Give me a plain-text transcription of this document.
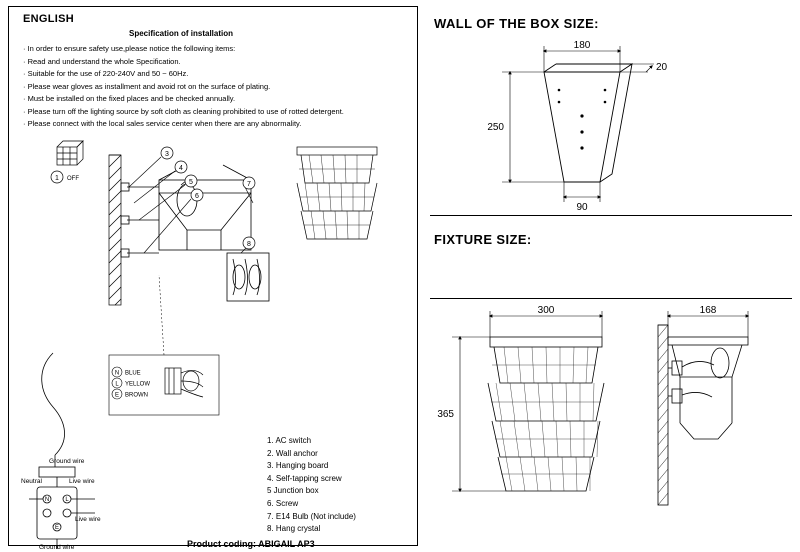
ENGLISH
Specification of installation
· In order to ensure safety use,please notice the following items:
· Read and understand the whole Specification.
· Suitable for the use of 220-240V and 50 ~ 60Hz.
· Please wear gloves as installment and avoid rot on the surface of plating.
· Must be installed on the fixed places and be checked annually.
· Please turn off the lighting source by soft cloth as cleaning prohibited to use of rotted detergent.
· Please connect with the local sales service center when there are any abnormality.
3
4
5
6
7
8
1 OFF
N BLUE
L YELLOW
E BROWN
Ground wire
Neutral	Live wire
N	L
E
Live wire
Ground wire
1. AC switch
2. Wall anchor
3. Hanging board
4. Self-tapping screw
5 Junction box
6. Screw
7. E14 Bulb (Not include)
8. Hang crystal
Product coding: ABIGAIL AP3
WALL OF THE BOX SIZE:
FIXTURE SIZE:
180
20
250
90
300
365
168
